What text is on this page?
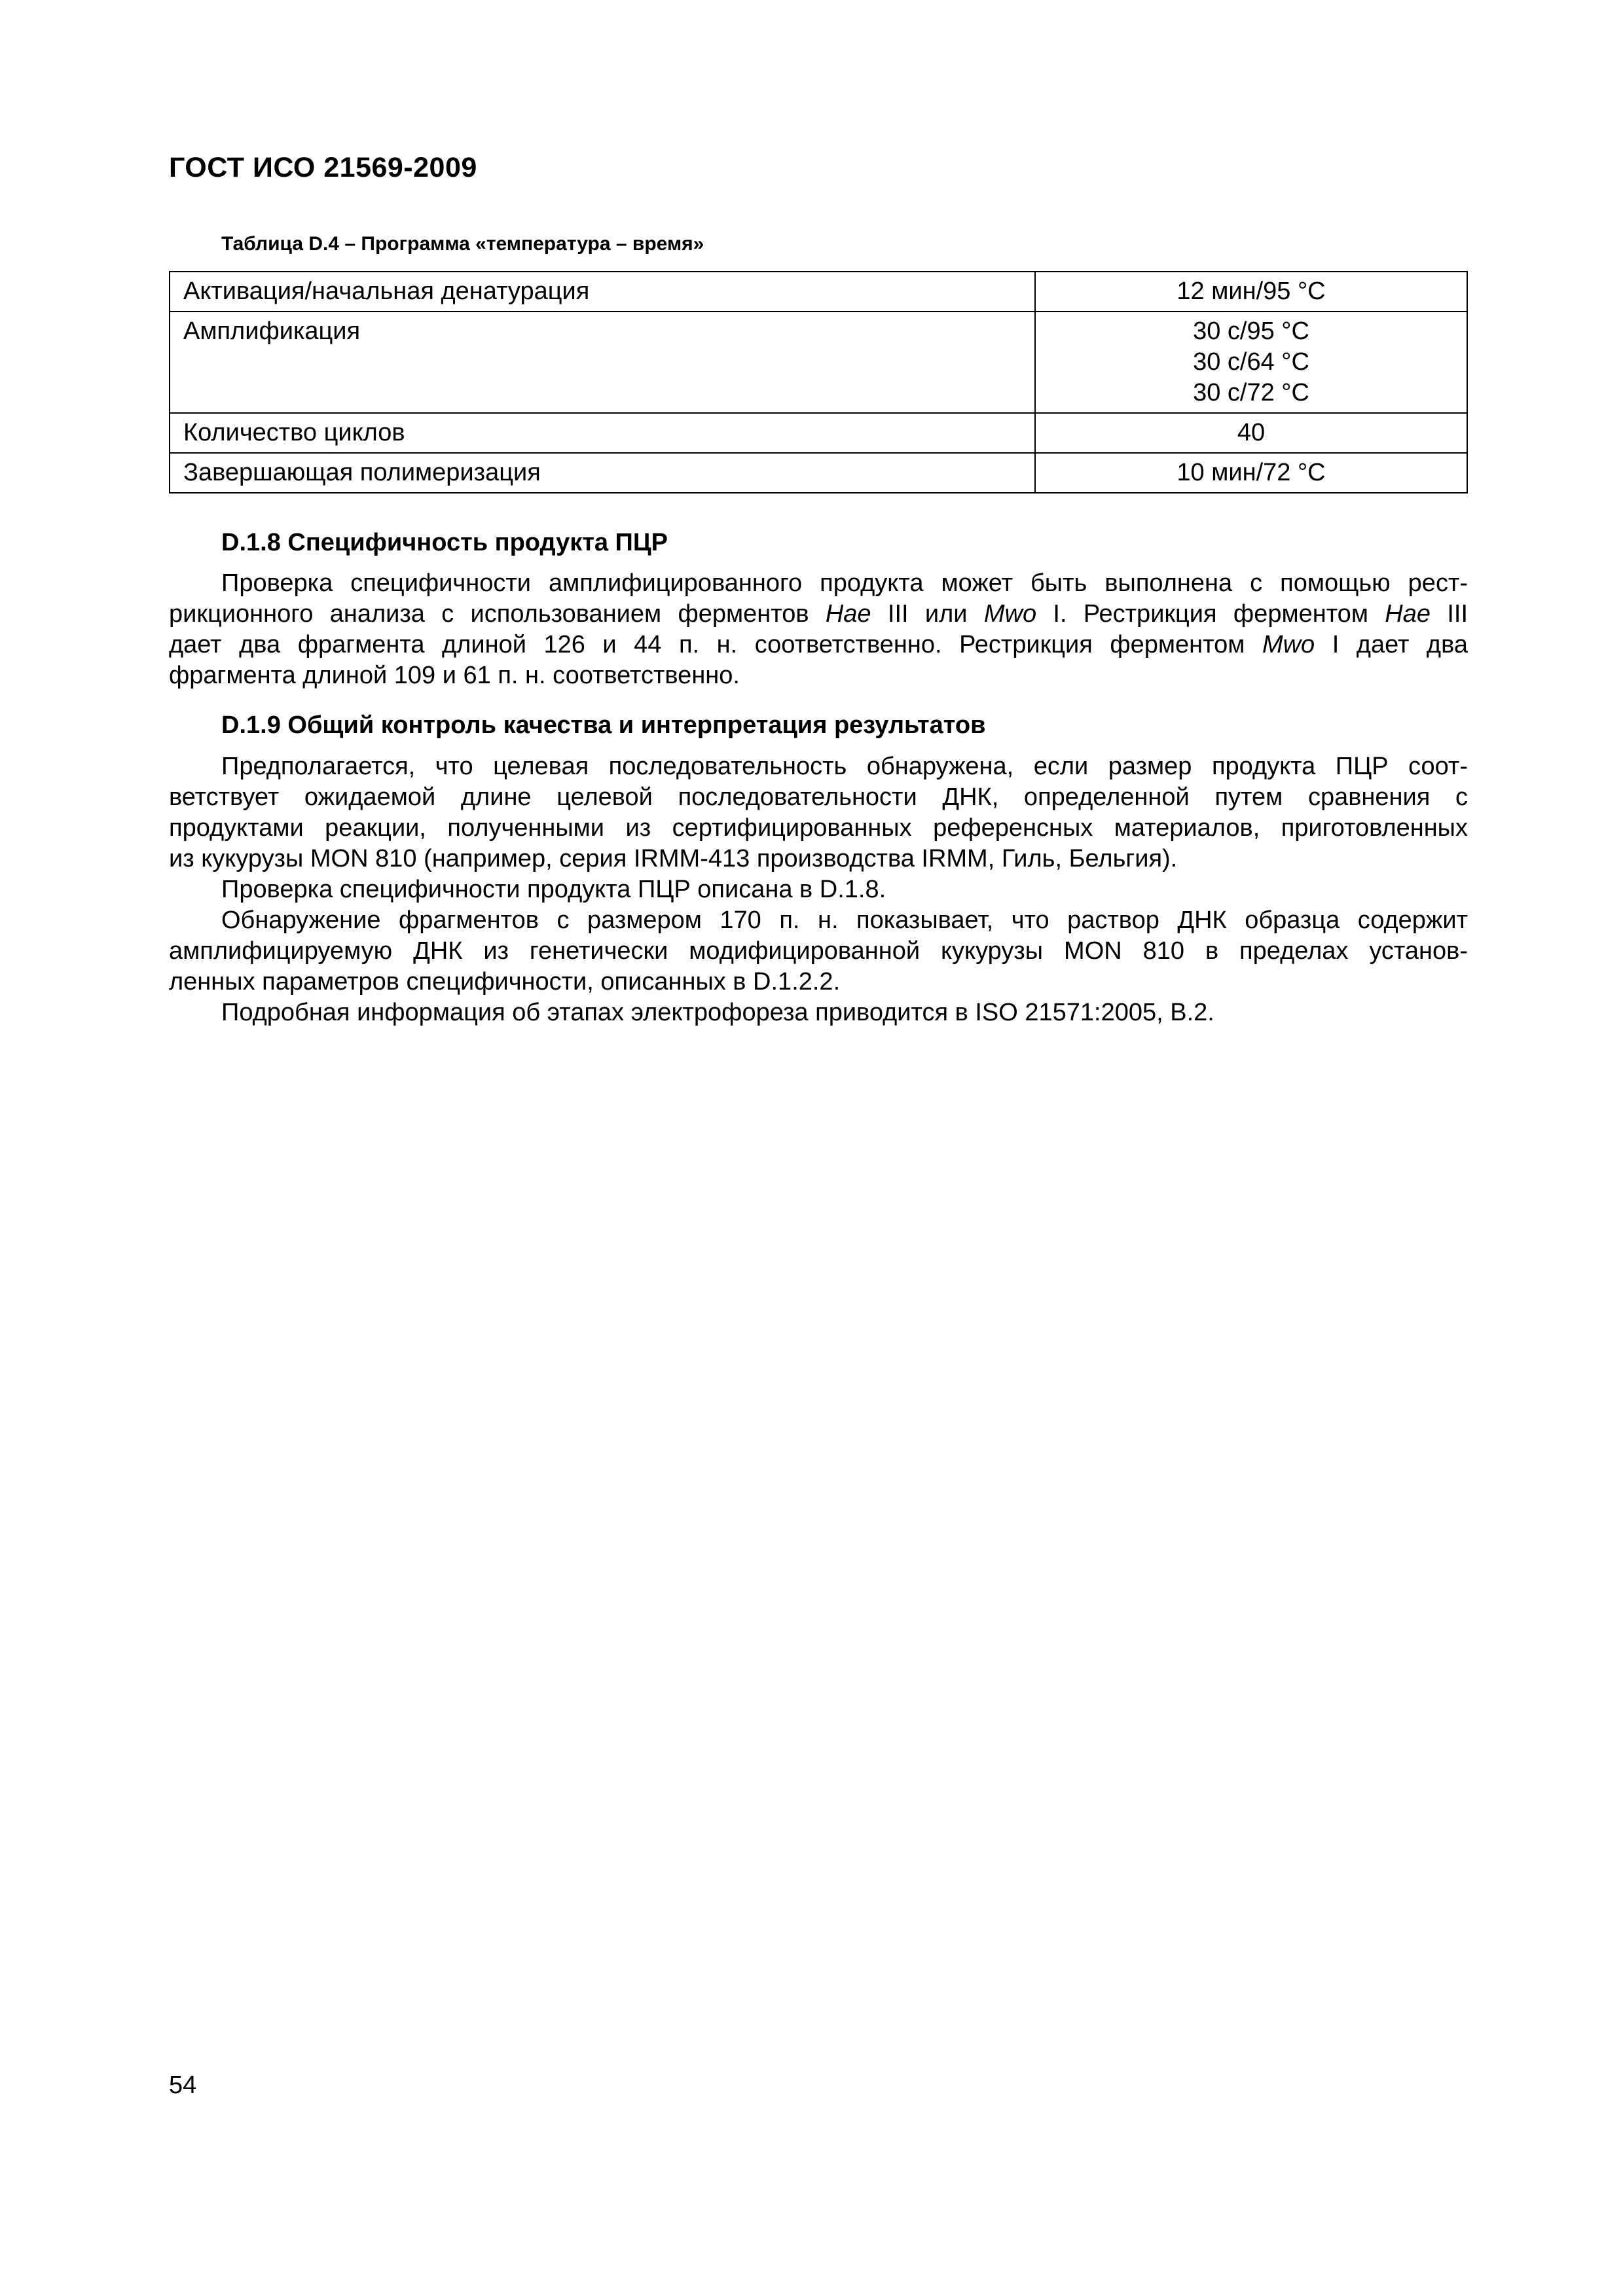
ГОСТ ИСО 21569-2009
Таблица D.4 – Программа «температура – время»
Активация/начальная денатурация	12 мин/95 °C

Амплификация	30 с/95 °C
30 с/64 °C
30 с/72 °C

Количество циклов	40

Завершающая полимеризация	10 мин/72 °C
D.1.8 Специфичность продукта ПЦР
Проверка специфичности амплифицированного продукта может быть выполнена с помощью рест-
рикционного анализа с использованием ферментов Hae III или Mwo I. Рестрикция ферментом Hae III
дает два фрагмента длиной 126 и 44 п. н. соответственно. Рестрикция ферментом Mwo I дает два
фрагмента длиной 109 и 61 п. н. соответственно.
D.1.9 Общий контроль качества и интерпретация результатов
Предполагается, что целевая последовательность обнаружена, если размер продукта ПЦР соот-
ветствует ожидаемой длине целевой последовательности ДНК, определенной путем сравнения с
продуктами реакции, полученными из сертифицированных референсных материалов, приготовленных
из кукурузы MON 810 (например, серия IRMM-413 производства IRMM, Гиль, Бельгия).
Проверка специфичности продукта ПЦР описана в D.1.8.
Обнаружение фрагментов с размером 170 п. н. показывает, что раствор ДНК образца содержит
амплифицируемую ДНК из генетически модифицированной кукурузы MON 810 в пределах установ-
ленных параметров специфичности, описанных в D.1.2.2.
Подробная информация об этапах электрофореза приводится в ISO 21571:2005, B.2.
54
